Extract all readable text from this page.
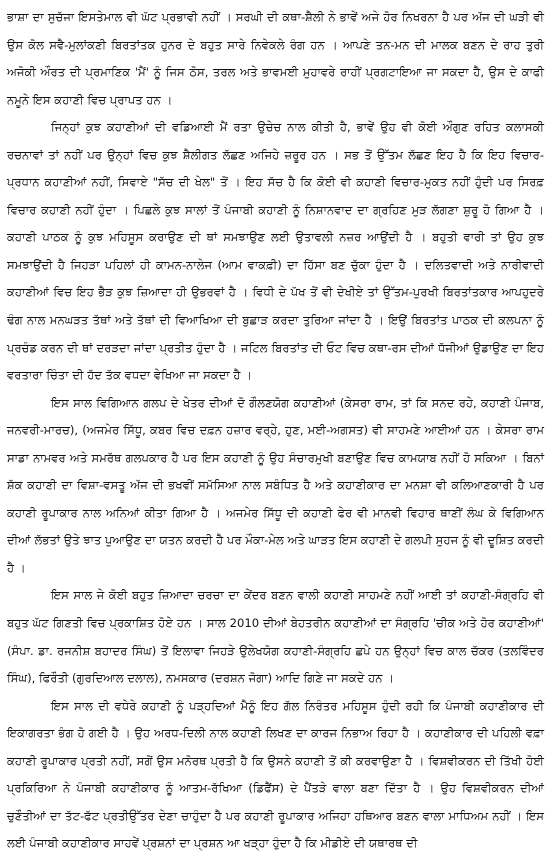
ਭਾਸ਼ਾ ਦਾ ਸੁਚੱਜਾ ਇਸਤੇਮਾਲ ਵੀ ਘੱਟ ਪ੍ਰਭਾਵੀ ਨਹੀਂ । ਸਰਘੀ ਦੀ ਕਥਾ-ਸ਼ੈਲੀ ਨੇ ਭਾਵੇਂ ਅਜੇ ਹੋਰ ਨਿਖਰਨਾ ਹੈ ਪਰ ਅੱਜ ਦੀ ਘੜੀ ਵੀ ਉਸ ਕੋਲ ਸਵੈ-ਮੁਲਾਂਕਣੀ ਬਿਰਤਾਂਤਕ ਹੁਨਰ ਦੇ ਬਹੁਤ ਸਾਰੇ ਨਿਵੇਕਲੇ ਰੰਗ ਹਨ । ਆਪਣੇ ਤਨ-ਮਨ ਦੀ ਮਾਲਕ ਬਣਨ ਦੇ ਰਾਹ ਤੁਰੀ ਅਜੋਕੀ ਔਰਤ ਦੀ ਪ੍ਰਮਾਣਿਕ 'ਮੈਂ' ਨੂੰ ਜਿਸ ਠੋਸ, ਤਰਲ ਅਤੇ ਭਾਵਮਈ ਮੁਹਾਵਰੇ ਰਾਹੀਂ ਪ੍ਰਗਟਾਇਆ ਜਾ ਸਕਦਾ ਹੈ, ਉਸ ਦੇ ਕਾਫੀ ਨਮੂਨੇ ਇਸ ਕਹਾਣੀ ਵਿਚ ਪ੍ਰਾਪਤ ਹਨ ।

ਜਿਨ੍ਹਾਂ ਕੁਝ ਕਹਾਣੀਆਂ ਦੀ ਵਡਿਆਈ ਮੈਂ ਰਤਾ ਉਚੇਚ ਨਾਲ ਕੀਤੀ ਹੈ, ਭਾਵੇਂ ਉਹ ਵੀ ਕੋਈ ਔਗੁਣ ਰਹਿਤ ਕਲਾਸਕੀ ਰਚਨਾਵਾਂ ਤਾਂ ਨਹੀਂ ਪਰ ਉਨ੍ਹਾਂ ਵਿਚ ਕੁਝ ਸ਼ੈਲੀਗਤ ਲੱਛਣ ਅਜਿਹੇ ਜ਼ਰੂਰ ਹਨ । ਸਭ ਤੋਂ ਉੱਤਮ ਲੱਛਣ ਇਹ ਹੈ ਕਿ ਇਹ ਵਿਚਾਰ-ਪ੍ਰਧਾਨ ਕਹਾਣੀਆਂ ਨਹੀਂ, ਸਿਵਾਏ "ਸੱਚ ਦੀ ਖੇਲ" ਤੋਂ । ਇਹ ਸੱਚ ਹੈ ਕਿ ਕੋਈ ਵੀ ਕਹਾਣੀ ਵਿਚਾਰ-ਮੁਕਤ ਨਹੀਂ ਹੁੰਦੀ ਪਰ ਸਿਰਫ਼ ਵਿਚਾਰ ਕਹਾਣੀ ਨਹੀਂ ਹੁੰਦਾ । ਪਿਛਲੇ ਕੁਝ ਸਾਲਾਂ ਤੋਂ ਪੰਜਾਬੀ ਕਹਾਣੀ ਨੂੰ ਨਿਸ਼ਾਨਵਾਦ ਦਾ ਗ੍ਰਹਿਣ ਮੁੜ ਲੱਗਣਾ ਸ਼ੁਰੂ ਹੋ ਗਿਆ ਹੈ । ਕਹਾਣੀ ਪਾਠਕ ਨੂੰ ਕੁਝ ਮਹਿਸੂਸ ਕਰਾਉਣ ਦੀ ਥਾਂ ਸਮਝਾਉਣ ਲਈ ਉਤਾਵਲੀ ਨਜ਼ਰ ਆਉਂਦੀ ਹੈ । ਬਹੁਤੀ ਵਾਰੀ ਤਾਂ ਉਹ ਕੁਝ ਸਮਝਾਉਂਦੀ ਹੈ ਜਿਹੜਾ ਪਹਿਲਾਂ ਹੀ ਕਾਮਨ-ਨਾਲੇਜ (ਆਮ ਵਾਕਫ਼ੀ) ਦਾ ਹਿੱਸਾ ਬਣ ਚੁੱਕਾ ਹੁੰਦਾ ਹੈ । ਦਲਿਤਵਾਦੀ ਅਤੇ ਨਾਰੀਵਾਦੀ ਕਹਾਣੀਆਂ ਵਿਚ ਇਹ ਭੈੜ ਕੁਝ ਜ਼ਿਆਦਾ ਹੀ ਉਭਰਵਾਂ ਹੈ । ਵਿਧੀ ਦੇ ਪੱਖ ਤੋਂ ਵੀ ਦੇਖੀਏ ਤਾਂ ਉੱਤਮ-ਪੁਰਖੀ ਬਿਰਤਾਂਤਕਾਰ ਆਪਹੁਦਰੇ ਢੰਗ ਨਾਲ ਮਨਘੜਤ ਤੱਥਾਂ ਅਤੇ ਤੱਥਾਂ ਦੀ ਵਿਆਖਿਆ ਦੀ ਬੁਛਾੜ ਕਰਦਾ ਤੁਰਿਆ ਜਾਂਦਾ ਹੈ । ਇਉਂ ਬਿਰਤਾਂਤ ਪਾਠਕ ਦੀ ਕਲਪਨਾ ਨੂੰ ਪ੍ਰਚੰਡ ਕਰਨ ਦੀ ਥਾਂ ਦਰੜਦਾ ਜਾਂਦਾ ਪ੍ਰਤੀਤ ਹੁੰਦਾ ਹੈ । ਜਟਿਲ ਬਿਰਤਾਂਤ ਦੀ ਓਟ ਵਿਚ ਕਥਾ-ਰਸ ਦੀਆਂ ਧੱਜੀਆਂ ਉਡਾਉਣ ਦਾ ਇਹ ਵਰਤਾਰਾ ਚਿੰਤਾ ਦੀ ਹੱਦ ਤੱਕ ਵਧਦਾ ਵੇਖਿਆ ਜਾ ਸਕਦਾ ਹੈ ।

ਇਸ ਸਾਲ ਵਿਗਿਆਨ ਗਲਪ ਦੇ ਖੇਤਰ ਦੀਆਂ ਦੋ ਗੌਲਣਯੋਗ ਕਹਾਣੀਆਂ (ਕੇਸਰਾ ਰਾਮ, ਤਾਂ ਕਿ ਸਨਦ ਰਹੇ, ਕਹਾਣੀ ਪੰਜਾਬ, ਜਨਵਰੀ-ਮਾਰਚ), (ਅਜਮੇਰ ਸਿੱਧੂ, ਕਬਰ ਵਿਚ ਦਫ਼ਨ ਹਜ਼ਾਰ ਵਰ੍ਹੇ, ਹੁਣ, ਮਈ-ਅਗਸਤ) ਵੀ ਸਾਹਮਣੇ ਆਈਆਂ ਹਨ । ਕੇਸਰਾ ਰਾਮ ਸਾਡਾ ਨਾਮਵਰ ਅਤੇ ਸਮਰੱਥ ਗਲਪਕਾਰ ਹੈ ਪਰ ਇਸ ਕਹਾਣੀ ਨੂੰ ਉਹ ਸੰਚਾਰਮੁਖੀ ਬਣਾਉਣ ਵਿਚ ਕਾਮਯਾਬ ਨਹੀਂ ਹੋ ਸਕਿਆ । ਬਿਨਾਂ ਸ਼ੱਕ ਕਹਾਣੀ ਦਾ ਵਿਸ਼ਾ-ਵਸਤੂ ਅੱਜ ਦੀ ਭਖਵੀਂ ਸਮੱਸਿਆ ਨਾਲ ਸਬੰਧਿਤ ਹੈ ਅਤੇ ਕਹਾਣੀਕਾਰ ਦਾ ਮਨਸ਼ਾ ਵੀ ਕਲਿਆਣਕਾਰੀ ਹੈ ਪਰ ਕਹਾਣੀ ਰੂਪਾਕਾਰ ਨਾਲ ਅਨਿਆਂ ਕੀਤਾ ਗਿਆ ਹੈ । ਅਜਮੇਰ ਸਿੱਧੂ ਦੀ ਕਹਾਣੀ ਫੇਰ ਵੀ ਮਾਨਵੀ ਵਿਹਾਰ ਥਾਣੀਂ ਲੰਘ ਕੇ ਵਿਗਿਆਨ ਦੀਆਂ ਲੱਭਤਾਂ ਉਤੇ ਝਾਤ ਪੁਆਉਣ ਦਾ ਯਤਨ ਕਰਦੀ ਹੈ ਪਰ ਮੌਕਾ-ਮੇਲ ਅਤੇ ਘਾੜਤ ਇਸ ਕਹਾਣੀ ਦੇ ਗਲਪੀ ਸੁਹਜ ਨੂੰ ਵੀ ਦੂਸ਼ਿਤ ਕਰਦੀ ਹੈ ।

ਇਸ ਸਾਲ ਜੇ ਕੋਈ ਬਹੁਤ ਜ਼ਿਆਦਾ ਚਰਚਾ ਦਾ ਕੇਂਦਰ ਬਣਨ ਵਾਲੀ ਕਹਾਣੀ ਸਾਹਮਣੇ ਨਹੀਂ ਆਈ ਤਾਂ ਕਹਾਣੀ-ਸੰਗ੍ਰਹਿ ਵੀ ਬਹੁਤ ਘੱਟ ਗਿਣਤੀ ਵਿਚ ਪ੍ਰਕਾਸ਼ਿਤ ਹੋਏ ਹਨ । ਸਾਲ 2010 ਦੀਆਂ ਬੇਹਤਰੀਨ ਕਹਾਣੀਆਂ ਦਾ ਸੰਗ੍ਰਹਿ 'ਚੀਕ ਅਤੇ ਹੋਰ ਕਹਾਣੀਆਂ' (ਸੰਪਾ. ਡਾ. ਰਜਨੀਸ਼ ਬਹਾਦਰ ਸਿੰਘ) ਤੋਂ ਇਲਾਵਾ ਜਿਹੜੇ ਉਲੇਖਯੋਗ ਕਹਾਣੀ-ਸੰਗ੍ਰਹਿ ਛਪੇ ਹਨ ਉਨ੍ਹਾਂ ਵਿਚ ਕਾਲ ਚੱਕਰ (ਤਲਵਿੰਦਰ ਸਿੰਘ), ਫਿਰੌਤੀ (ਗੁਰਦਿਆਲ ਦਲਾਲ), ਨਮਸਕਾਰ (ਦਰਸ਼ਨ ਜੋਗਾ) ਆਦਿ ਗਿਣੇ ਜਾ ਸਕਦੇ ਹਨ ।

ਇਸ ਸਾਲ ਦੀ ਵਧੇਰੇ ਕਹਾਣੀ ਨੂੰ ਪੜ੍ਹਦਿਆਂ ਮੈਨੂੰ ਇਹ ਗੱਲ ਨਿਰੰਤਰ ਮਹਿਸੂਸ ਹੁੰਦੀ ਰਹੀ ਕਿ ਪੰਜਾਬੀ ਕਹਾਣੀਕਾਰ ਦੀ ਇਕਾਗਰਤਾ ਭੰਗ ਹੋ ਗਈ ਹੈ । ਉਹ ਅਰਧ-ਦਿਲੀ ਨਾਲ ਕਹਾਣੀ ਲਿਖਣ ਦਾ ਕਾਰਜ ਨਿਭਾਅ ਰਿਹਾ ਹੈ । ਕਹਾਣੀਕਾਰ ਦੀ ਪਹਿਲੀ ਵਫ਼ਾ ਕਹਾਣੀ ਰੂਪਾਕਾਰ ਪ੍ਰਤੀ ਨਹੀਂ, ਸਗੋਂ ਉਸ ਮਨੋਰਥ ਪ੍ਰਤੀ ਹੈ ਕਿ ਉਸਨੇ ਕਹਾਣੀ ਤੋਂ ਕੀ ਕਰਵਾਉਣਾ ਹੈ । ਵਿਸ਼ਵੀਕਰਨ ਦੀ ਤਿੱਖੀ ਹੋਈ ਪ੍ਰਕਿਰਿਆ ਨੇ ਪੰਜਾਬੀ ਕਹਾਣੀਕਾਰ ਨੂੰ ਆਤਮ-ਰੱਖਿਆ (ਡਿਫੈਂਸ) ਦੇ ਪੈਂਤੜੇ ਵਾਲਾ ਬਣਾ ਦਿੱਤਾ ਹੈ । ਉਹ ਵਿਸ਼ਵੀਕਰਨ ਦੀਆਂ ਚੁਣੌਤੀਆਂ ਦਾ ਤੱਟ-ਫੱਟ ਪ੍ਰਤੀਉੱਤਰ ਦੇਣਾ ਚਾਹੁੰਦਾ ਹੈ ਪਰ ਕਹਾਣੀ ਰੂਪਾਕਾਰ ਅਜਿਹਾ ਹਥਿਆਰ ਬਣਨ ਵਾਲਾ ਮਾਧਿਅਮ ਨਹੀਂ । ਇਸ ਲਈ ਪੰਜਾਬੀ ਕਹਾਣੀਕਾਰ ਸਾਹਵੇਂ ਪ੍ਰਸ਼ਨਾਂ ਦਾ ਪ੍ਰਸ਼ਨ ਆ ਖੜ੍ਹਾ ਹੁੰਦਾ ਹੈ ਕਿ ਮੀਡੀਏ ਦੀ ਯਥਾਰਥ ਦੀ
